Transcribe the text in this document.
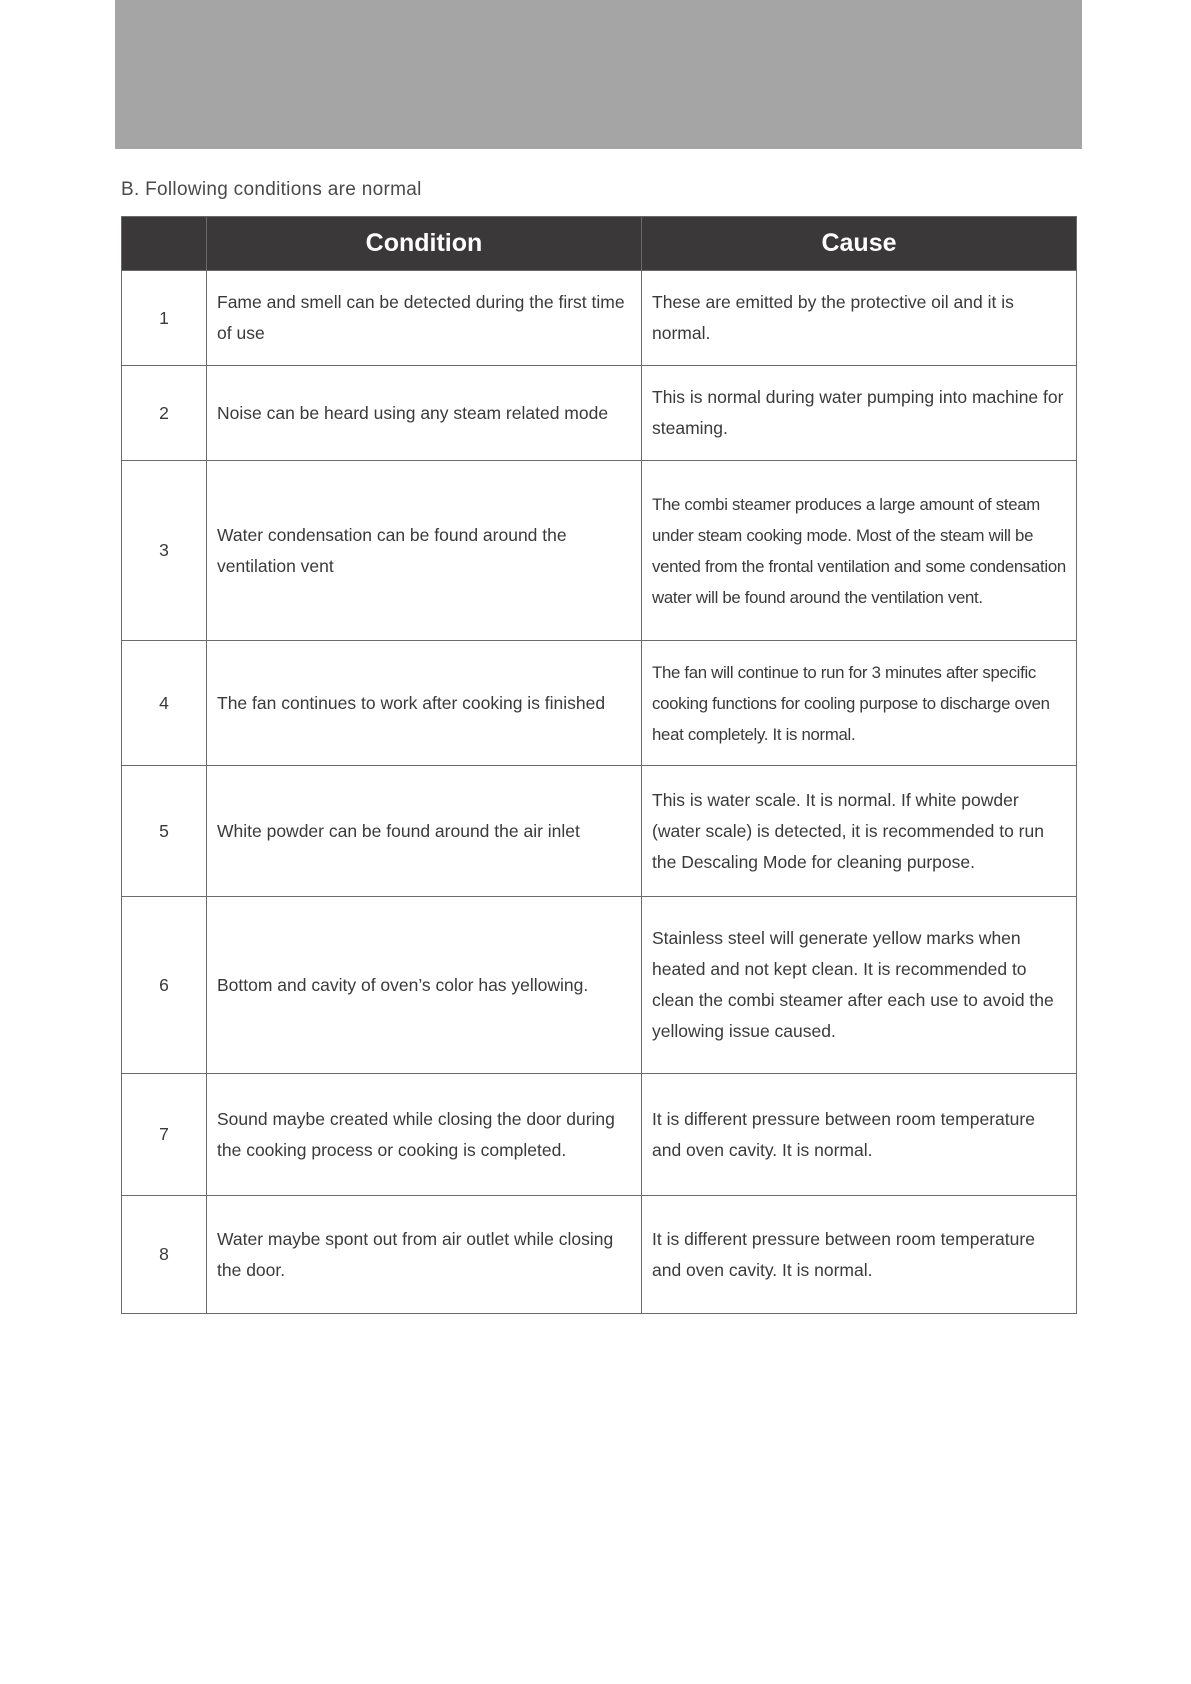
B. Following conditions are normal

	Condition	Cause
1	Fame and smell can be detected during the first time of use	These are emitted by the protective oil and it is normal.
2	Noise can be heard using any steam related mode	This is normal during water pumping into machine for steaming.
3	Water condensation can be found around the ventilation vent	The combi steamer produces a large amount of steam under steam cooking mode. Most of the steam will be vented from the frontal ventilation and some condensation water will be found around the ventilation vent.
4	The fan continues to work after cooking is finished	The fan will continue to run for 3 minutes after specific cooking functions for cooling purpose to discharge oven heat completely. It is normal.
5	White powder can be found around the air inlet	This is water scale. It is normal. If white powder (water scale) is detected, it is recommended to run the Descaling Mode for cleaning purpose.
6	Bottom and cavity of oven’s color has yellowing.	Stainless steel will generate yellow marks when heated and not kept clean. It is recommended to clean the combi steamer after each use to avoid the yellowing issue caused.
7	Sound maybe created while closing the door during the cooking process or cooking is completed.	It is different pressure between room temperature and oven cavity. It is normal.
8	Water maybe spont out from air outlet while closing the door.	It is different pressure between room temperature and oven cavity. It is normal.
